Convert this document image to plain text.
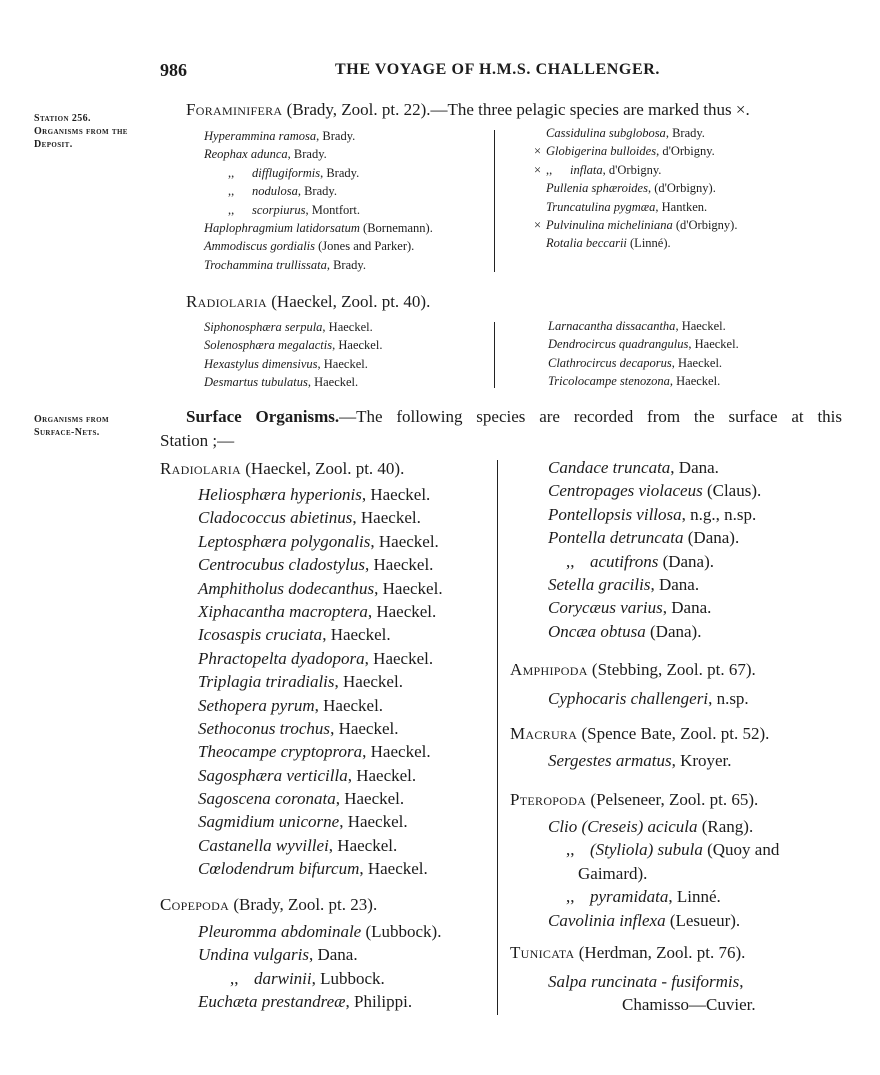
986	THE VOYAGE OF H.M.S. CHALLENGER.
Station 256.
Organisms from the Deposit.
Organisms from Surface-Nets.
Foraminifera (Brady, Zool. pt. 22).—The three pelagic species are marked thus ×.
Hyperammina ramosa, Brady.
Reophax adunca, Brady.
,, difflugiformis, Brady.
,, nodulosa, Brady.
,, scorpiurus, Montfort.
Haplophragmium latidorsatum (Bornemann).
Ammodiscus gordialis (Jones and Parker).
Trochammina trullissata, Brady.
Cassidulina subglobosa, Brady.
× Globigerina bulloides, d'Orbigny.
× ,, inflata, d'Orbigny.
Pullenia sphæroides, (d'Orbigny).
Truncatulina pygmæa, Hantken.
× Pulvinulina micheliniana (d'Orbigny).
Rotalia beccarii (Linné).
Radiolaria (Haeckel, Zool. pt. 40).
Siphonosphæra serpula, Haeckel.
Solenosphæra megalactis, Haeckel.
Hexastylus dimensivus, Haeckel.
Desmartus tubulatus, Haeckel.
Larnacantha dissacantha, Haeckel.
Dendrocircus quadrangulus, Haeckel.
Clathrocircus decaporus, Haeckel.
Tricolocampe stenozona, Haeckel.
Surface Organisms.—The following species are recorded from the surface at this
Station ;—
Radiolaria (Haeckel, Zool. pt. 40).
Heliosphæra hyperionis, Haeckel.
Cladococcus abietinus, Haeckel.
Leptosphæra polygonalis, Haeckel.
Centrocubus cladostylus, Haeckel.
Amphitholus dodecanthus, Haeckel.
Xiphacantha macroptera, Haeckel.
Icosaspis cruciata, Haeckel.
Phractopelta dyadopora, Haeckel.
Triplagia triradialis, Haeckel.
Sethopera pyrum, Haeckel.
Sethoconus trochus, Haeckel.
Theocampe cryptoprora, Haeckel.
Sagosphæra verticilla, Haeckel.
Sagoscena coronata, Haeckel.
Sagmidium unicorne, Haeckel.
Castanella wyvillei, Haeckel.
Cœlodendrum bifurcum, Haeckel.
Copepoda (Brady, Zool. pt. 23).
Pleuromma abdominale (Lubbock).
Undina vulgaris, Dana.
,, darwinii, Lubbock.
Euchæta prestandreæ, Philippi.
Candace truncata, Dana.
Centropages violaceus (Claus).
Pontellopsis villosa, n.g., n.sp.
Pontella detruncata (Dana).
,, acutifrons (Dana).
Setella gracilis, Dana.
Corycæus varius, Dana.
Oncæa obtusa (Dana).
Amphipoda (Stebbing, Zool. pt. 67).
Cyphocaris challengeri, n.sp.
Macrura (Spence Bate, Zool. pt. 52).
Sergestes armatus, Kroyer.
Pteropoda (Pelseneer, Zool. pt. 65).
Clio (Creseis) acicula (Rang).
,, (Styliola) subula (Quoy and
Gaimard).
,, pyramidata, Linné.
Cavolinia inflexa (Lesueur).
Tunicata (Herdman, Zool. pt. 76).
Salpa runcinata - fusiformis,
Chamisso—Cuvier.
